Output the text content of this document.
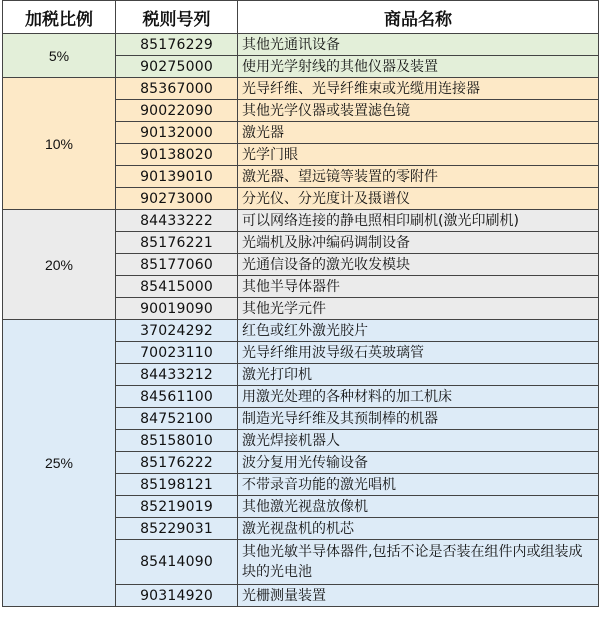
加税比例	税则号列	商品名称
5%	85176229	其他光通讯设备
	90275000	使用光学射线的其他仪器及装置
10%	85367000	光导纤维、光导纤维束或光缆用连接器
	90022090	其他光学仪器或装置滤色镜
	90132000	激光器
	90138020	光学门眼
	90139010	激光器、望远镜等装置的零附件
	90273000	分光仪、分光度计及摄谱仪
20%	84433222	可以网络连接的静电照相印刷机(激光印刷机)
	85176221	光端机及脉冲编码调制设备
	85177060	光通信设备的激光收发模块
	85415000	其他半导体器件
	90019090	其他光学元件
25%	37024292	红色或红外激光胶片
	70023110	光导纤维用波导级石英玻璃管
	84433212	激光打印机
	84561100	用激光处理的各种材料的加工机床
	84752100	制造光导纤维及其预制棒的机器
	85158010	激光焊接机器人
	85176222	波分复用光传输设备
	85198121	不带录音功能的激光唱机
	85219019	其他激光视盘放像机
	85229031	激光视盘机的机芯
	85414090	其他光敏半导体器件,包括不论是否装在组件内或组装成块的光电池
	90314920	光栅测量装置
